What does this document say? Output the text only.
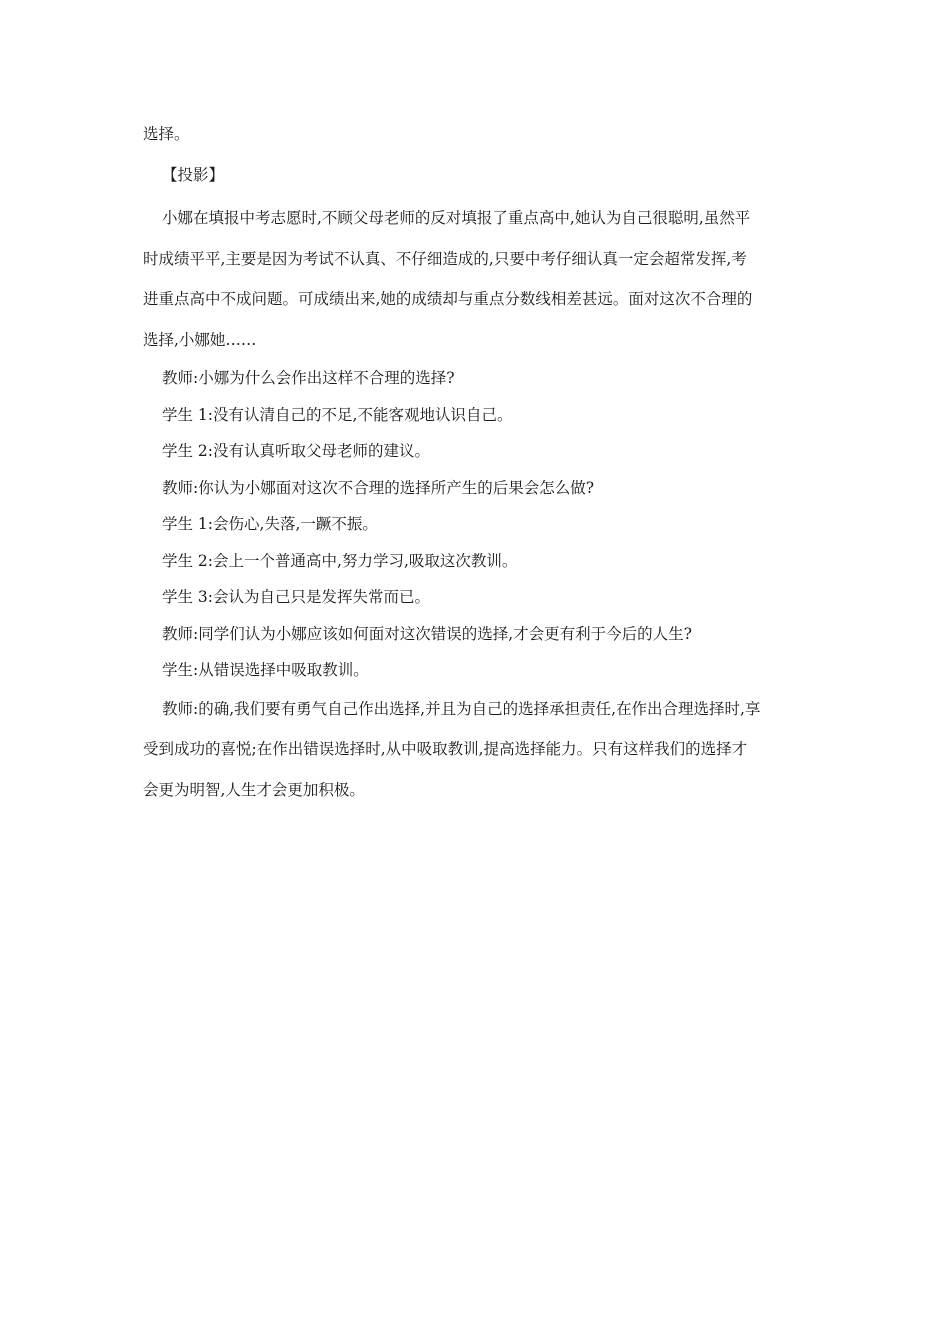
选择。
【投影】
小娜在填报中考志愿时,不顾父母老师的反对填报了重点高中,她认为自己很聪明,虽然平
时成绩平平,主要是因为考试不认真、不仔细造成的,只要中考仔细认真一定会超常发挥,考
进重点高中不成问题。可成绩出来,她的成绩却与重点分数线相差甚远。面对这次不合理的
选择,小娜她……
教师:小娜为什么会作出这样不合理的选择?
学生 1:没有认清自己的不足,不能客观地认识自己。
学生 2:没有认真听取父母老师的建议。
教师:你认为小娜面对这次不合理的选择所产生的后果会怎么做?
学生 1:会伤心,失落,一蹶不振。
学生 2:会上一个普通高中,努力学习,吸取这次教训。
学生 3:会认为自己只是发挥失常而已。
教师:同学们认为小娜应该如何面对这次错误的选择,才会更有利于今后的人生?
学生:从错误选择中吸取教训。
教师:的确,我们要有勇气自己作出选择,并且为自己的选择承担责任,在作出合理选择时,享
受到成功的喜悦;在作出错误选择时,从中吸取教训,提高选择能力。只有这样我们的选择才
会更为明智,人生才会更加积极。
